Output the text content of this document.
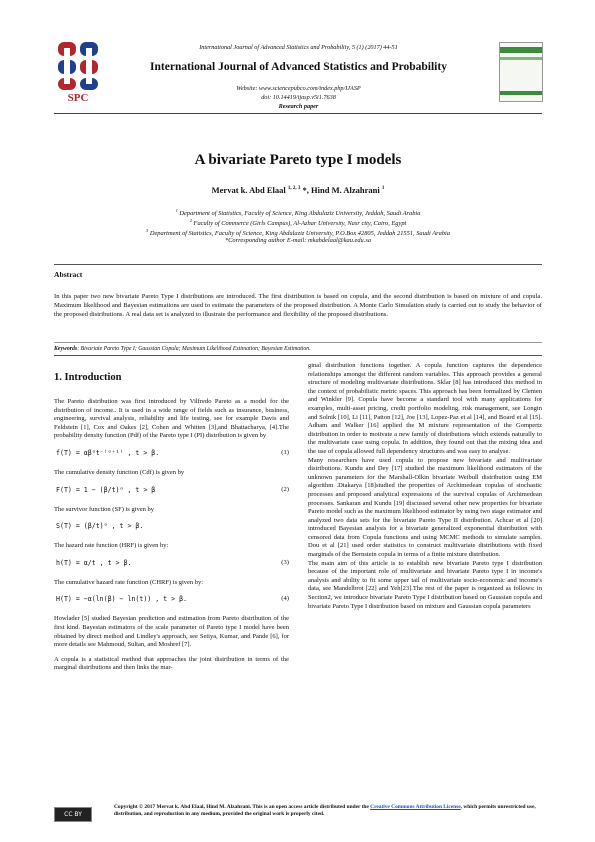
SPC
International Journal of Advanced Statistics and Probability, 5 (1) (2017) 44-51
International Journal of Advanced Statistics and Probability
Website: www.sciencepubco.com/index.php/IJASP
doi: 10.14419/ijasp.v5i1.7638
Research paper
A bivariate Pareto type I models
Mervat k. Abd Elaal $^{1, 2, 3}$ *, Hind M. Alzahrani $^1$
$^1$ Department of Statistics, Faculty of Science, King Abdulaziz University, Jeddah, Saudi Arabia
$^2$ Faculty of Commerce (Girls Campus), Al-Azhar University, Nasr city, Cairo, Egypt
$^3$ Department of Statistics, Faculty of Science, King Abdulaziz University, P.O.Box 42805, Jeddah 21551, Saudi Arabia
*Corresponding author E-mail: mkabdelaal@kau.edu.sa
Abstract
In this paper two new bivariate Pareto Type I distributions are introduced. The first distribution is based on copula, and the second distribution is based on mixture of and copula. Maximum likelihood and Bayesian estimations are used to estimate the parameters of the proposed distribution. A Monte Carlo Simulation study is carried out to study the behavior of the proposed distributions. A real data set is analyzed to illustrate the performance and flexibility of the proposed distributions.
Keywords: Bivariate Pareto Type I; Gaussian Copula; Maximum Likelihood Estimation; Bayesian Estimation.
1. Introduction
The Pareto distribution was first introduced by Vilfredo Pareto as a model for the distribution of income.. It is used in a wide range of fields such as insurance, business, engineering, survival analysis, reliability and life testing, see for example Davis and Feldstein [1], Cox and Oakes [2], Cohen and Whitten [3],and Bhattacharya, [4].The probability density function (Pdf) of the Pareto type I (PI) distribution is given by
f(T) = αβᵅt⁻⁽ᵅ⁺¹⁾ , t > β.	(1)
The cumulative density function (Cdf) is given by
F(T) = 1 − (β/t)ᵅ , t > β	(2)
The survivor function (SF) is given by
S(T) = (β/t)ᵅ , t > β.
The hazard rate function (HRF) is given by:
h(T) = α/t , t > β.	(3)
The cumulative hazard rate function (CHRF) is given by:
H(T) = −α(ln(β) − ln(t)) , t > β.	(4)
Howlader [5] studied Bayesian prediction and estimation from Pareto distribution of the first kind. Bayesian estimators of the scale parameter of Pareto type I model have been obtained by direct method and Lindley's approach, see Setiya, Kumar, and Pande [6], for more details see Mahmoud, Sultan, and Moshref [7].
A copula is a statistical method that approaches the joint distribution in terms of the marginal distributions and then links the mar-
ginal distribution functions together. A copula function captures the dependence relationships amongst the different random variables. This approach provides a general structure of modeling multivariate distributions. Sklar [8] has introduced this method in the context of probabilistic metric spaces. This approach has been formalized by Clemen and Winkler [9]. Copula have become a standard tool with many applications for examples, multi-asset pricing, credit portfolio modeling, risk management, see Longin and Solnik [10], Li [11], Patton [12], Joe [13], Lopez-Paz et al [14], and Board et al [15]. Adham and Walker [16] applied the M mixture representation of the Gompertz distribution in order to motivate a new family of distributions which extends naturally to the multivariate case using copula. In addition, they found out that the mixing idea and the use of copula allowed full dependency structures and was easy to analyse.
Many researchers have used copula to propose new bivariate and multivariate distributions. Kundu and Dey [17] studied the maximum likelihood estimators of the unknown parameters for the Marshall-Olkin bivariate Weibull distribution using EM algorithm .Diakarya [18]studied the properties of Archimedean copulas of stochastic processes and proposed analytical expressions of the survival copulas of Archimedean processes. Sankaran and Kundu [19] discussed several other new properties for bivariate Pareto model such as the maximum likelihood estimator by using two stage estimator and analyzed two data sets for the bivariate Pareto Type II distribution. Achcar et al [20] introduced Bayesian analysis for a bivariate generalized exponential distribution with censored data from Copula functions and using MCMC methods to simulate samples. Dou et al [21] used order statistics to construct multivariate distributions with fixed marginals of the Bernstein copula in terms of a finite mixture distribution.
The main aim of this article is to establish new bivariate Pareto type I distribution because of the important role of multivariate and bivariate Pareto type I in income's analysis and ability to fit some upper tail of multivariate socio-economic and income's data, see Mandelbrot [22] and Yeh[23].The rest of the paper is organized as follows: in Section2, we introduce bivariate Pareto Type I distribution based on Gaussian copula and bivariate Pareto Type I distribution based on mixture and Gaussian copula parameters
CC BY
Copyright © 2017 Mervat k. Abd Elaal, Hind M. Alzahrani. This is an open access article distributed under the Creative Commons Attribution License, which permits unrestricted use, distribution, and reproduction in any medium, provided the original work is properly cited.
